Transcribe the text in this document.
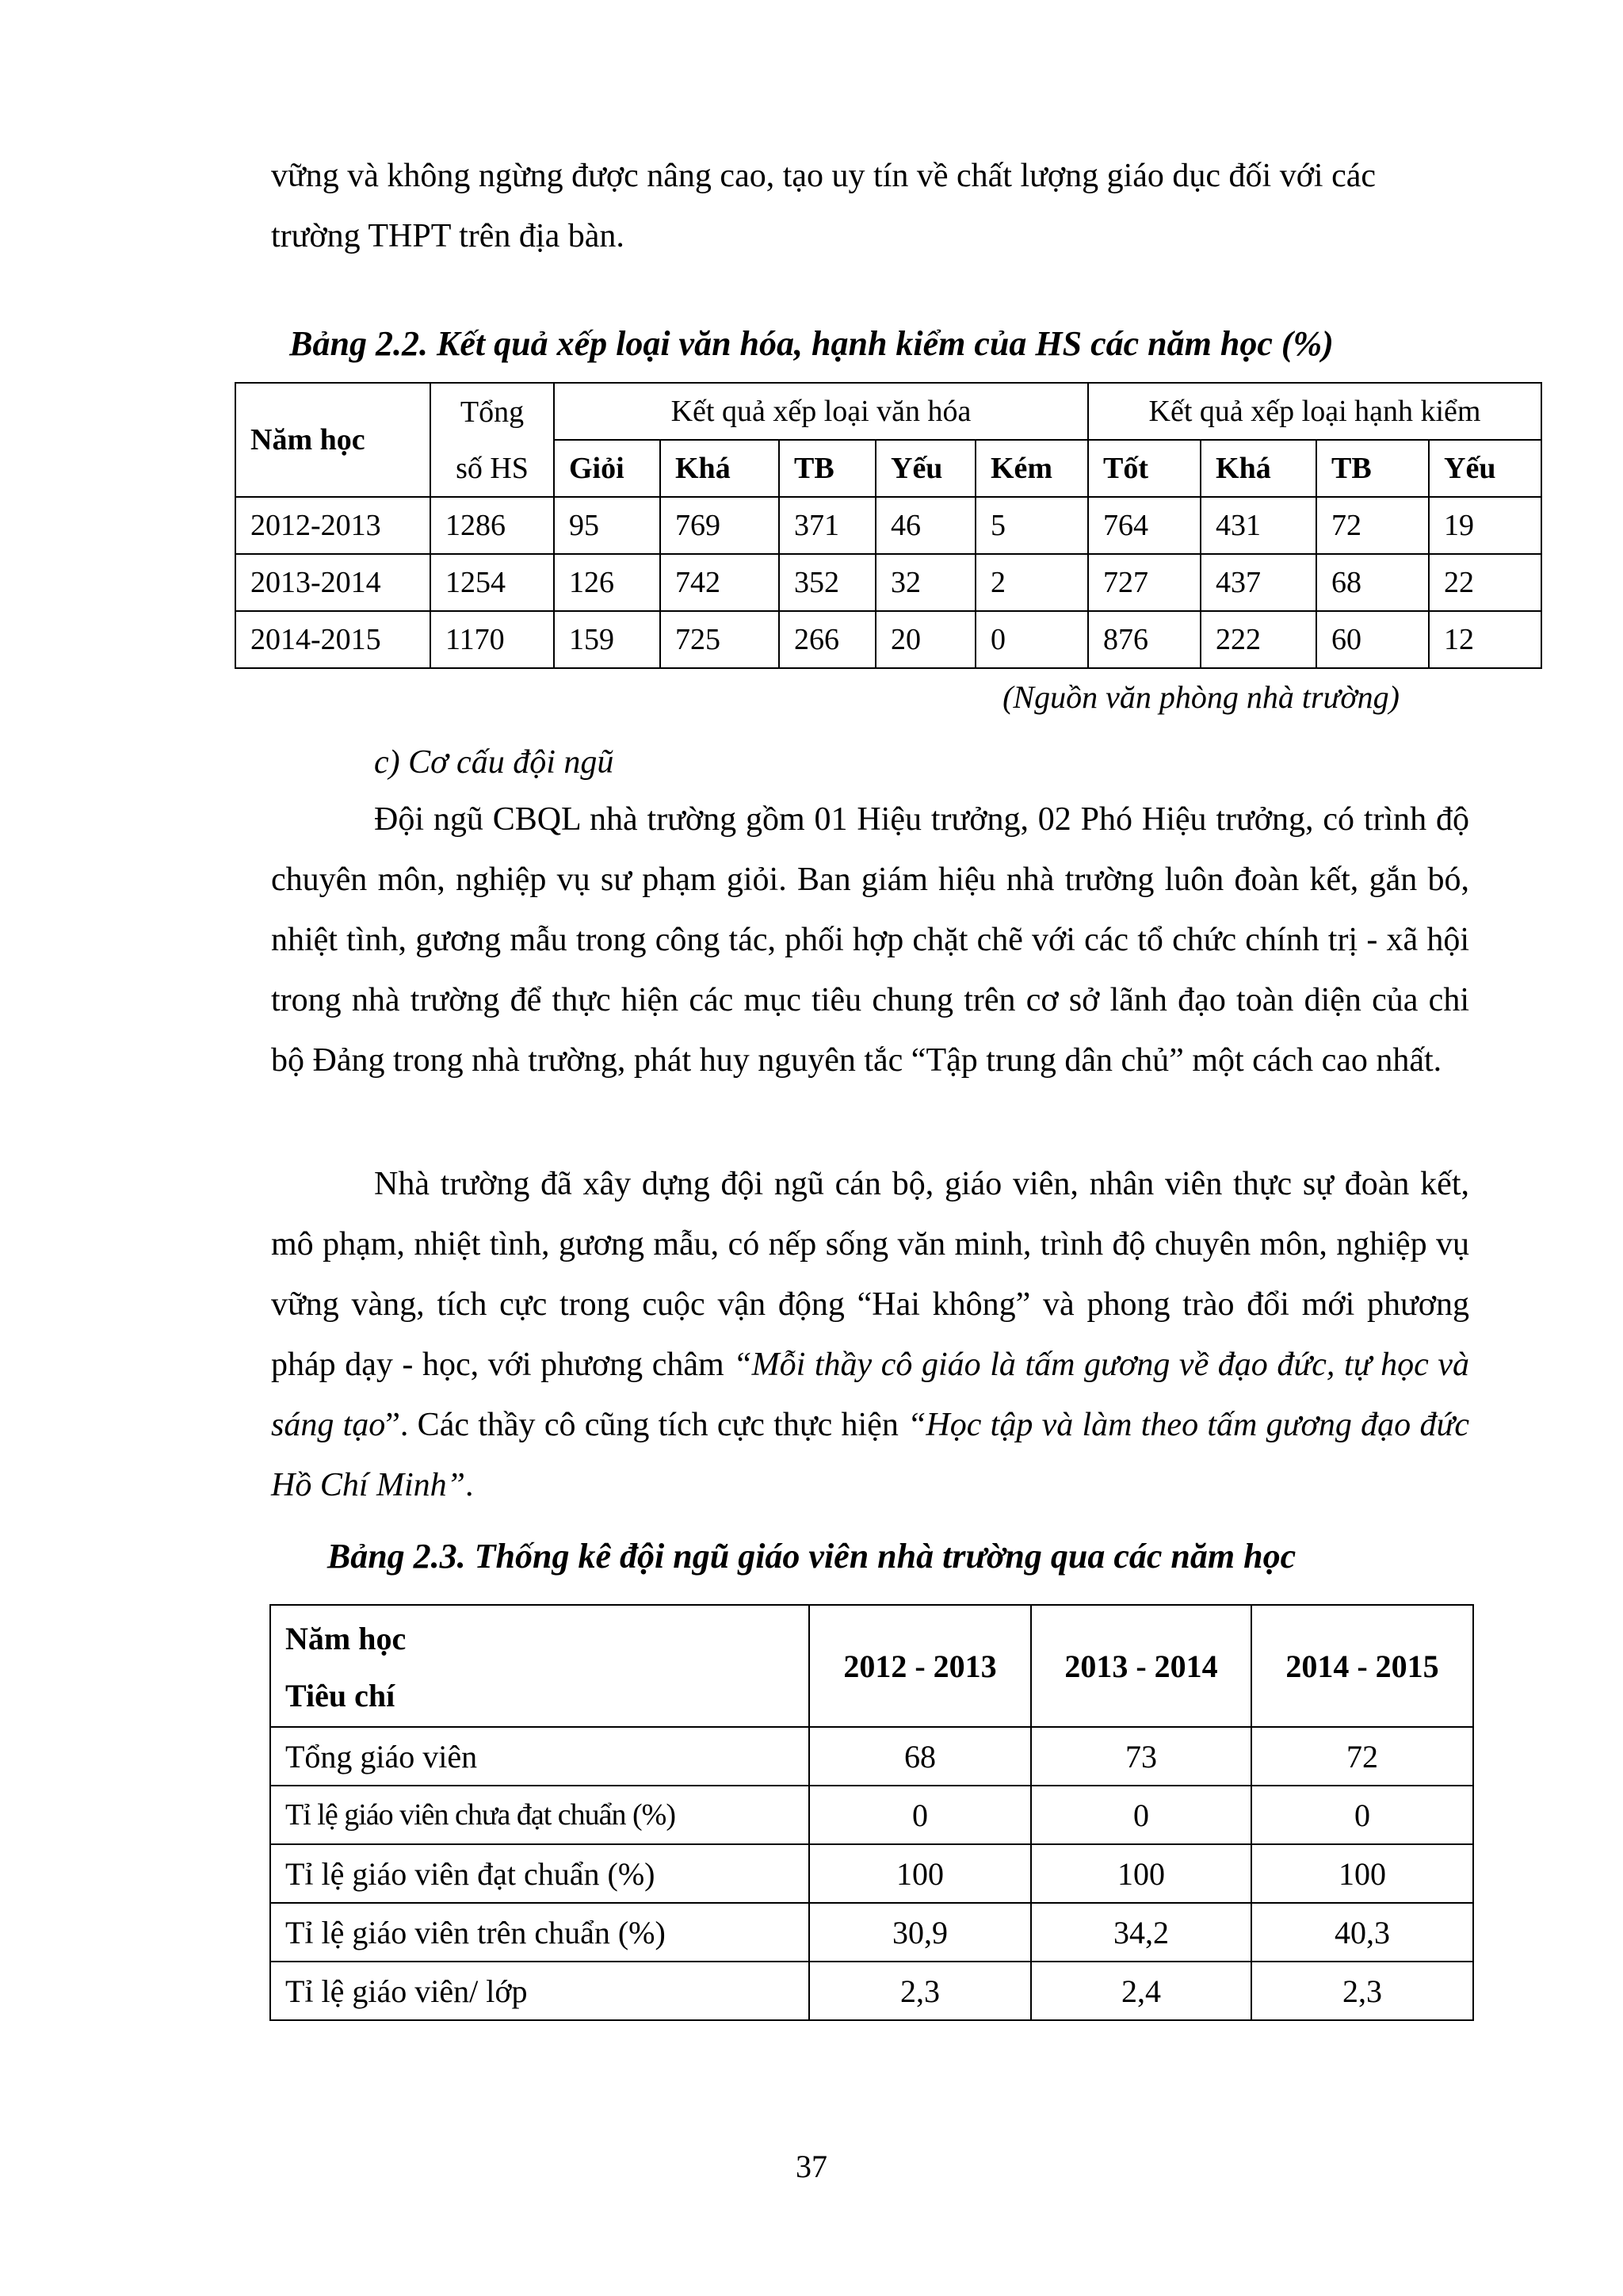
vững và không ngừng được nâng cao, tạo uy tín về chất lượng giáo dục đối với các
trường THPT trên địa bàn.

Bảng 2.2. Kết quả xếp loại văn hóa, hạnh kiểm của HS các năm học (%)

Năm học	Tổng	Kết quả xếp loại văn hóa					Kết quả xếp loại hạnh kiểm			
	số HS	Giỏi	Khá	TB	Yếu	Kém	Tốt	Khá	TB	Yếu
2012-2013	1286	95	769	371	46	5	764	431	72	19
2013-2014	1254	126	742	352	32	2	727	437	68	22
2014-2015	1170	159	725	266	20	0	876	222	60	12
(Nguồn văn phòng nhà trường)
c) Cơ cấu đội ngũ

Đội ngũ CBQL nhà trường gồm 01 Hiệu trưởng, 02 Phó Hiệu trưởng, có trình độ chuyên môn, nghiệp vụ sư phạm giỏi. Ban giám hiệu nhà trường luôn đoàn kết, gắn bó, nhiệt tình, gương mẫu trong công tác, phối hợp chặt chẽ với các tổ chức chính trị - xã hội trong nhà trường để thực hiện các mục tiêu chung trên cơ sở lãnh đạo toàn diện của chi bộ Đảng trong nhà trường, phát huy nguyên tắc “Tập trung dân chủ” một cách cao nhất.

Nhà trường đã xây dựng đội ngũ cán bộ, giáo viên, nhân viên thực sự đoàn kết, mô phạm, nhiệt tình, gương mẫu, có nếp sống văn minh, trình độ chuyên môn, nghiệp vụ vững vàng, tích cực trong cuộc vận động “Hai không” và phong trào đổi mới phương pháp dạy - học, với phương châm “Mỗi thầy cô giáo là tấm gương về đạo đức, tự học và sáng tạo”. Các thầy cô cũng tích cực thực hiện “Học tập và làm theo tấm gương đạo đức Hồ Chí Minh”.

Bảng 2.3. Thống kê đội ngũ giáo viên nhà trường qua các năm học

Năm học
Tiêu chí	2012 - 2013	2013 - 2014	2014 - 2015
Tổng giáo viên	68	73	72
Tỉ lệ giáo viên chưa đạt chuẩn (%)	0	0	0
Tỉ lệ giáo viên đạt chuẩn (%)	100	100	100
Tỉ lệ giáo viên trên chuẩn (%)	30,9	34,2	40,3
Tỉ lệ giáo viên/ lớp	2,3	2,4	2,3
37
